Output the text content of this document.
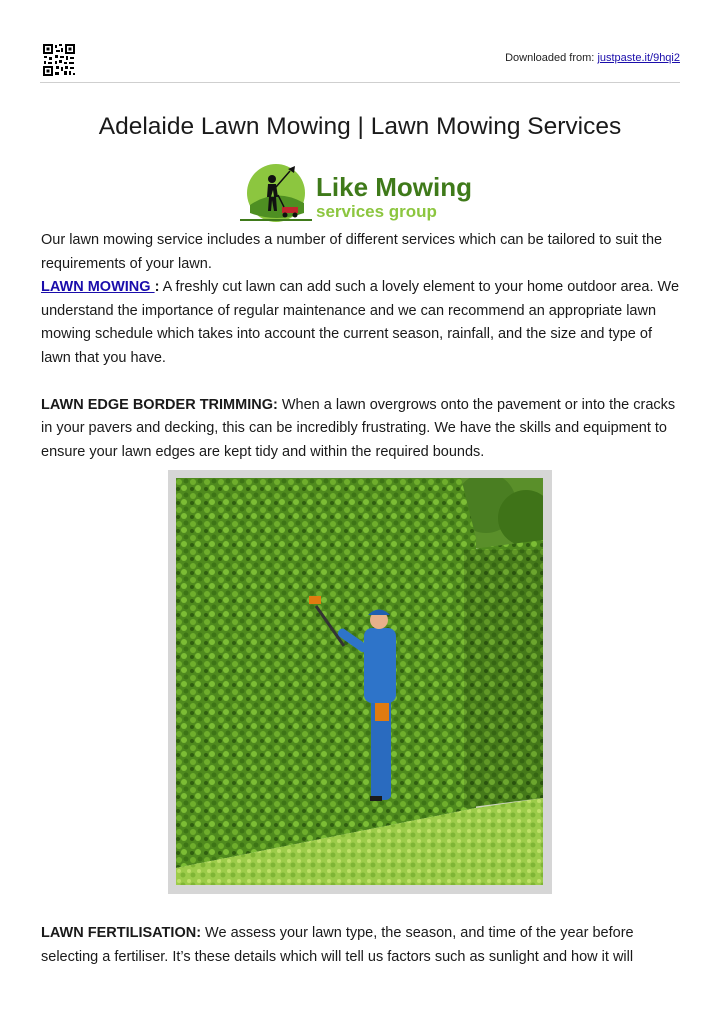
Downloaded from: justpaste.it/9hqi2
Adelaide Lawn Mowing | Lawn Mowing Services
Like Mowing
services group

Our lawn mowing service includes a number of different services which can be tailored to suit the requirements of your lawn.

LAWN MOWING : A freshly cut lawn can add such a lovely element to your home outdoor area. We understand the importance of regular maintenance and we can recommend an appropriate lawn mowing schedule which takes into account the current season, rainfall, and the size and type of lawn that you have.

LAWN EDGE BORDER TRIMMING: When a lawn overgrows onto the pavement or into the cracks in your pavers and decking, this can be incredibly frustrating. We have the skills and equipment to ensure your lawn edges are kept tidy and within the required bounds.

LAWN FERTILISATION: We assess your lawn type, the season, and time of the year before selecting a fertiliser. It’s these details which will tell us factors such as sunlight and how it will
